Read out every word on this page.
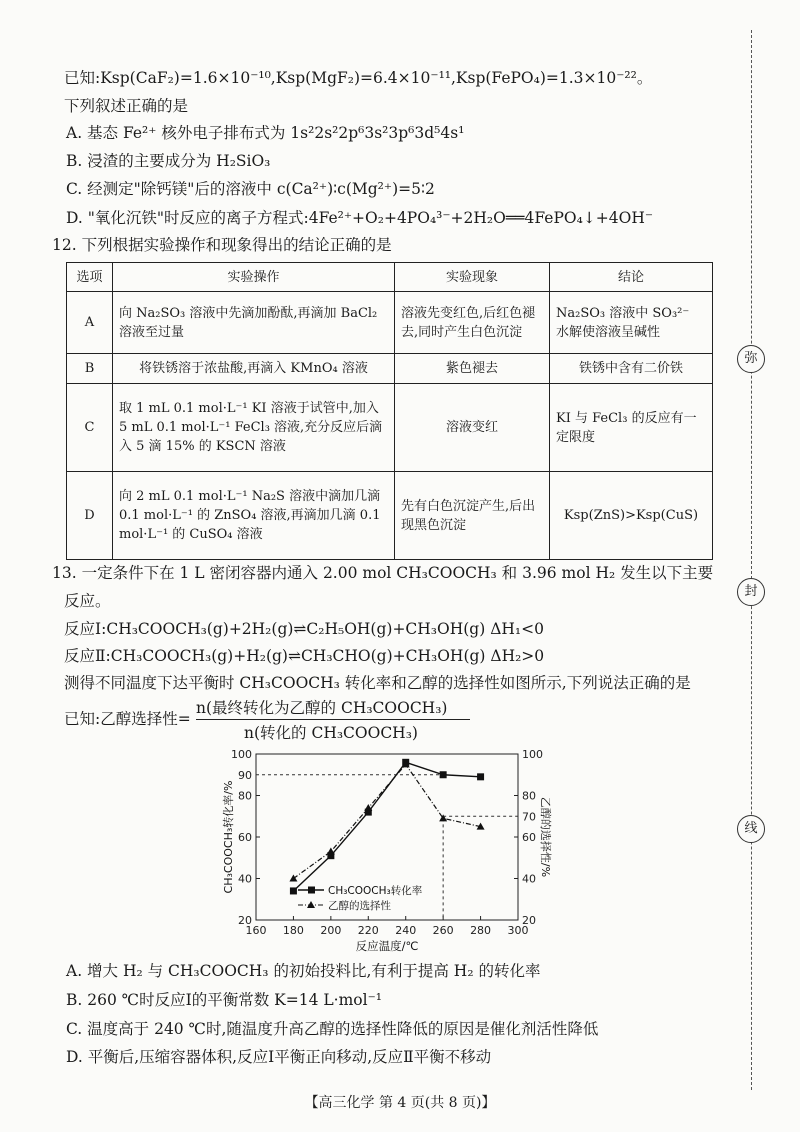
已知:Ksp(CaF₂)=1.6×10⁻¹⁰,Ksp(MgF₂)=6.4×10⁻¹¹,Ksp(FePO₄)=1.3×10⁻²²。
下列叙述正确的是
A. 基态 Fe²⁺ 核外电子排布式为 1s²2s²2p⁶3s²3p⁶3d⁵4s¹
B. 浸渣的主要成分为 H₂SiO₃
C. 经测定"除钙镁"后的溶液中 c(Ca²⁺)∶c(Mg²⁺)=5∶2
D. "氧化沉铁"时反应的离子方程式:4Fe²⁺+O₂+4PO₄³⁻+2H₂O══4FePO₄↓+4OH⁻
12. 下列根据实验操作和现象得出的结论正确的是
选项	实验操作	实验现象	结论
A	向 Na₂SO₃ 溶液中先滴加酚酞,再滴加 BaCl₂ 溶液至过量	溶液先变红色,后红色褪去,同时产生白色沉淀	Na₂SO₃ 溶液中 SO₃²⁻ 水解使溶液呈碱性
B	将铁锈溶于浓盐酸,再滴入 KMnO₄ 溶液	紫色褪去	铁锈中含有二价铁
C	取 1 mL 0.1 mol·L⁻¹ KI 溶液于试管中,加入 5 mL 0.1 mol·L⁻¹ FeCl₃ 溶液,充分反应后滴入 5 滴 15% 的 KSCN 溶液	溶液变红	KI 与 FeCl₃ 的反应有一定限度
D	向 2 mL 0.1 mol·L⁻¹ Na₂S 溶液中滴加几滴 0.1 mol·L⁻¹ 的 ZnSO₄ 溶液,再滴加几滴 0.1 mol·L⁻¹ 的 CuSO₄ 溶液	先有白色沉淀产生,后出现黑色沉淀	Ksp(ZnS)>Ksp(CuS)
13. 一定条件下在 1 L 密闭容器内通入 2.00 mol CH₃COOCH₃ 和 3.96 mol H₂ 发生以下主要
反应。
反应Ⅰ:CH₃COOCH₃(g)+2H₂(g)⇌C₂H₅OH(g)+CH₃OH(g) ΔH₁<0
反应Ⅱ:CH₃COOCH₃(g)+H₂(g)⇌CH₃CHO(g)+CH₃OH(g) ΔH₂>0
测得不同温度下达平衡时 CH₃COOCH₃ 转化率和乙醇的选择性如图所示,下列说法正确的是
已知:乙醇选择性=
n(最终转化为乙醇的 CH₃COOCH₃)
n(转化的 CH₃COOCH₃)
160 180 200 220 240 260 280 300
20	20
40	40
60	60
80	80
100	100
90
70
CH₃COOCH₃转化率
乙醇的选择性
反应温度/℃
CH₃COOCH₃转化率/%	乙醇的选择性/%
A. 增大 H₂ 与 CH₃COOCH₃ 的初始投料比,有利于提高 H₂ 的转化率
B. 260 ℃时反应Ⅰ的平衡常数 K=14 L·mol⁻¹
C. 温度高于 240 ℃时,随温度升高乙醇的选择性降低的原因是催化剂活性降低
D. 平衡后,压缩容器体积,反应Ⅰ平衡正向移动,反应Ⅱ平衡不移动
弥
封
线
【高三化学 第 4 页(共 8 页)】
